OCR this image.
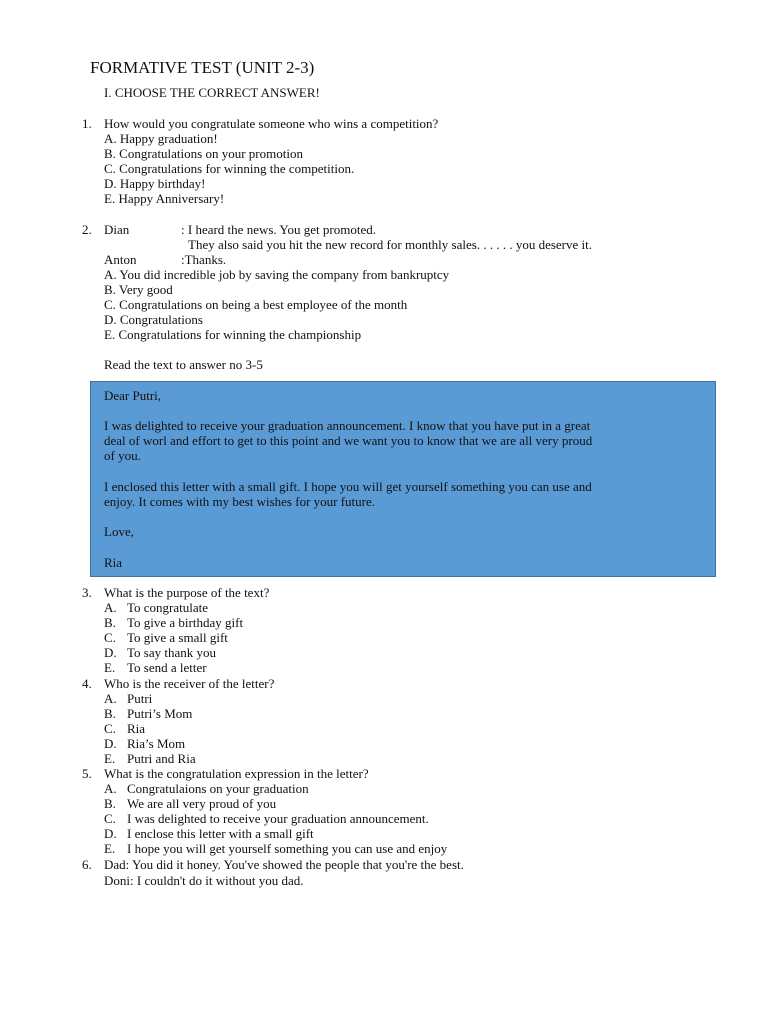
FORMATIVE TEST (UNIT 2-3)
I. CHOOSE THE CORRECT ANSWER!
1. How would you congratulate someone who wins a competition?
A. Happy graduation!
B. Congratulations on your promotion
C. Congratulations for winning the competition.
D. Happy birthday!
E. Happy Anniversary!
2. Dian	: I heard the news. You get promoted.
They also said you hit the new record for monthly sales. . . . . . you deserve it.
Anton	:Thanks.
A. You did incredible job by saving the company from bankruptcy
B. Very good
C. Congratulations on being a best employee of the month
D. Congratulations
E. Congratulations for winning the championship
Read the text to answer no 3-5
Dear Putri,
I was delighted to receive your graduation announcement. I know that you have put in a great
deal of worl and effort to get to this point and we want you to know that we are all very proud
of you.
I enclosed this letter with a small gift. I hope you will get yourself something you can use and
enjoy. It comes with my best wishes for your future.
Love,
Ria
3. What is the purpose of the text?
A. To congratulate
B. To give a birthday gift
C. To give a small gift
D. To say thank you
E. To send a letter
4. Who is the receiver of the letter?
A. Putri
B. Putri’s Mom
C. Ria
D. Ria’s Mom
E. Putri and Ria
5. What is the congratulation expression in the letter?
A. Congratulaions on your graduation
B. We are all very proud of you
C. I was delighted to receive your graduation announcement.
D. I enclose this letter with a small gift
E. I hope you will get yourself something you can use and enjoy
6. Dad: You did it honey. You've showed the people that you're the best.
Doni: I couldn't do it without you dad.
